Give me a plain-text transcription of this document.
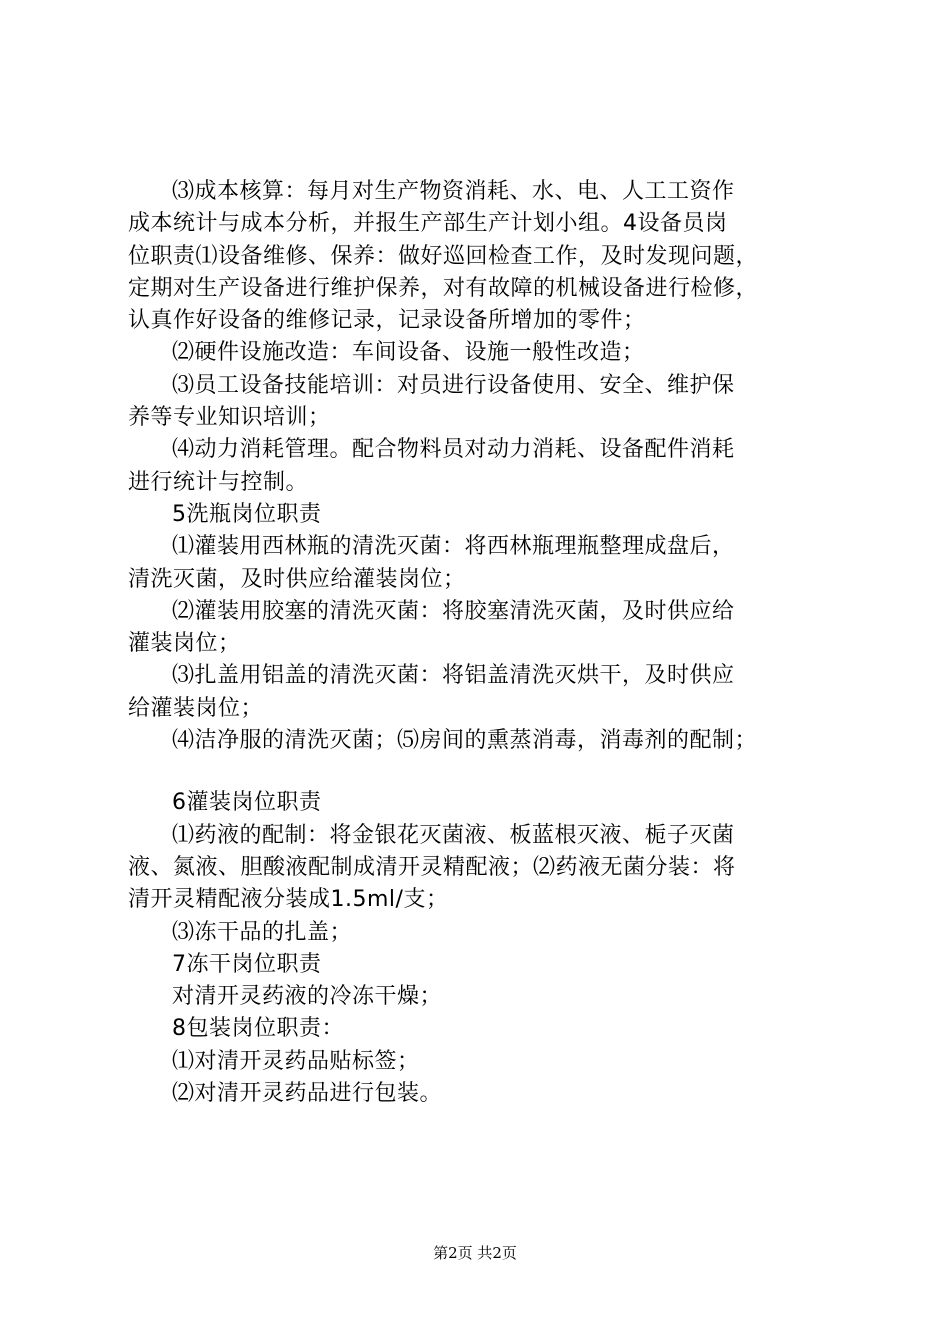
⑶成本核算：每月对生产物资消耗、水、电、人工工资作
成本统计与成本分析，并报生产部生产计划小组。4设备员岗
位职责⑴设备维修、保养：做好巡回检查工作，及时发现问题，
定期对生产设备进行维护保养，对有故障的机械设备进行检修，
认真作好设备的维修记录，记录设备所增加的零件；

⑵硬件设施改造：车间设备、设施一般性改造；

⑶员工设备技能培训：对员进行设备使用、安全、维护保
养等专业知识培训；

⑷动力消耗管理。配合物料员对动力消耗、设备配件消耗
进行统计与控制。

5洗瓶岗位职责

⑴灌装用西林瓶的清洗灭菌：将西林瓶理瓶整理成盘后，
清洗灭菌，及时供应给灌装岗位；

⑵灌装用胶塞的清洗灭菌：将胶塞清洗灭菌，及时供应给
灌装岗位；

⑶扎盖用铝盖的清洗灭菌：将铝盖清洗灭烘干，及时供应
给灌装岗位；

⑷洁净服的清洗灭菌；⑸房间的熏蒸消毒，消毒剂的配制；

6灌装岗位职责

⑴药液的配制：将金银花灭菌液、板蓝根灭液、栀子灭菌
液、氮液、胆酸液配制成清开灵精配液；⑵药液无菌分装：将
清开灵精配液分装成1.5ml/支；

⑶冻干品的扎盖；

7冻干岗位职责

对清开灵药液的冷冻干燥；

8包装岗位职责：

⑴对清开灵药品贴标签；

⑵对清开灵药品进行包装。

第2页 共2页
